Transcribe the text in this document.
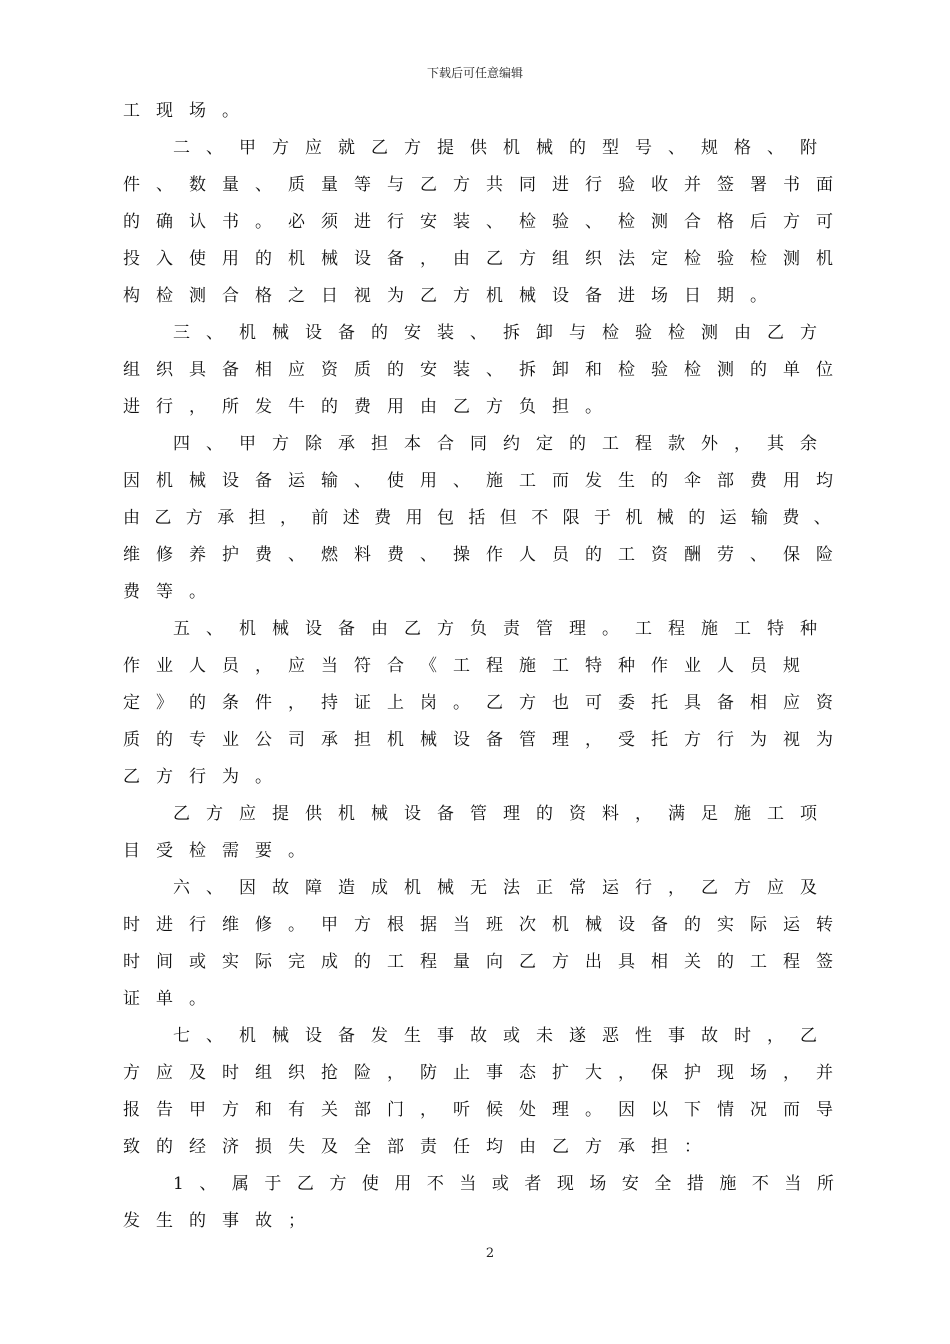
下载后可任意编辑
工现场。
二、甲方应就乙方提供机械的型号、规格、附
件、数量、质量等与乙方共同进行验收并签署书面
的确认书。必须进行安装、检验、检测合格后方可
投入使用的机械设备，由乙方组织法定检验检测机
构检测合格之日视为乙方机械设备进场日期。
三、机械设备的安装、拆卸与检验检测由乙方
组织具备相应资质的安装、拆卸和检验检测的单位
进行，所发牛的费用由乙方负担。
四、甲方除承担本合同约定的工程款外，其余
因机械设备运输、使用、施工而发生的伞部费用均
由乙方承担，前述费用包括但不限于机械的运输费、
维修养护费、燃料费、操作人员的工资酬劳、保险
费等。
五、机械设备由乙方负责管理。工程施工特种
作业人员，应当符合《工程施工特种作业人员规
定》的条件，持证上岗。乙方也可委托具备相应资
质的专业公司承担机械设备管理，受托方行为视为
乙方行为。
乙方应提供机械设备管理的资料，满足施工项
目受检需要。
六、因故障造成机械无法正常运行，乙方应及
时进行维修。甲方根据当班次机械设备的实际运转
时间或实际完成的工程量向乙方出具相关的工程签
证单。
七、机械设备发生事故或未遂恶性事故时，乙
方应及时组织抢险，防止事态扩大，保护现场，并
报告甲方和有关部门，听候处理。因以下情况而导
致的经济损失及全部责任均由乙方承担：
1、属于乙方使用不当或者现场安全措施不当所
发生的事故；
2
